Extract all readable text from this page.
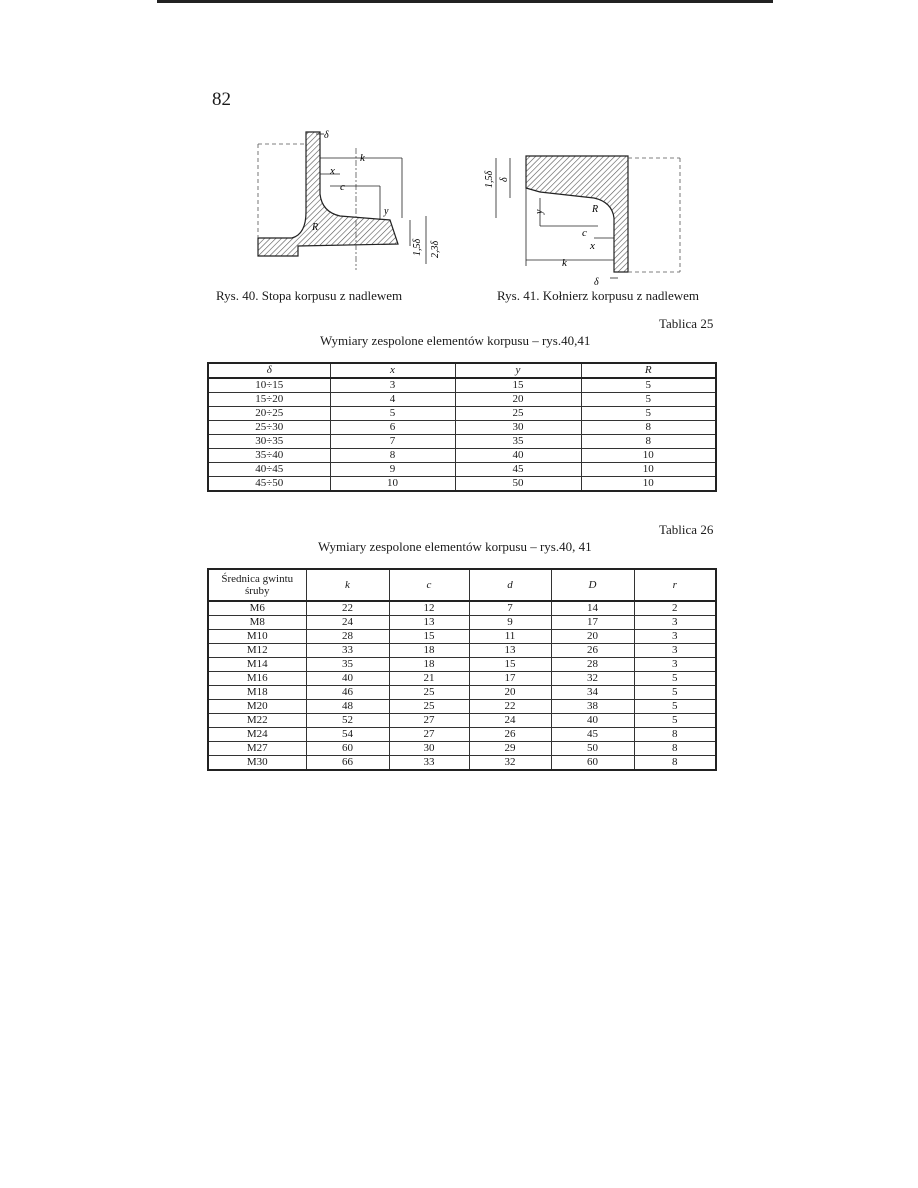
82
δ
k
x
c
y
R
1,5δ 2,3δ
Rys. 40. Stopa korpusu z nadlewem
1,5δ δ
y	R
c
x
k
δ
Rys. 41. Kołnierz korpusu z nadlewem
Tablica 25
Wymiary zespolone elementów korpusu – rys.40,41
δ	x	y	R
10÷15	3	15	5
15÷20	4	20	5
20÷25	5	25	5
25÷30	6	30	8
30÷35	7	35	8
35÷40	8	40	10
40÷45	9	45	10
45÷50	10	50	10
Tablica 26
Wymiary zespolone elementów korpusu – rys.40, 41
Średnica gwintu śruby	k	c	d	D	r
M6	22	12	7	14	2
M8	24	13	9	17	3
M10	28	15	11	20	3
M12	33	18	13	26	3
M14	35	18	15	28	3
M16	40	21	17	32	5
M18	46	25	20	34	5
M20	48	25	22	38	5
M22	52	27	24	40	5
M24	54	27	26	45	8
M27	60	30	29	50	8
M30	66	33	32	60	8
